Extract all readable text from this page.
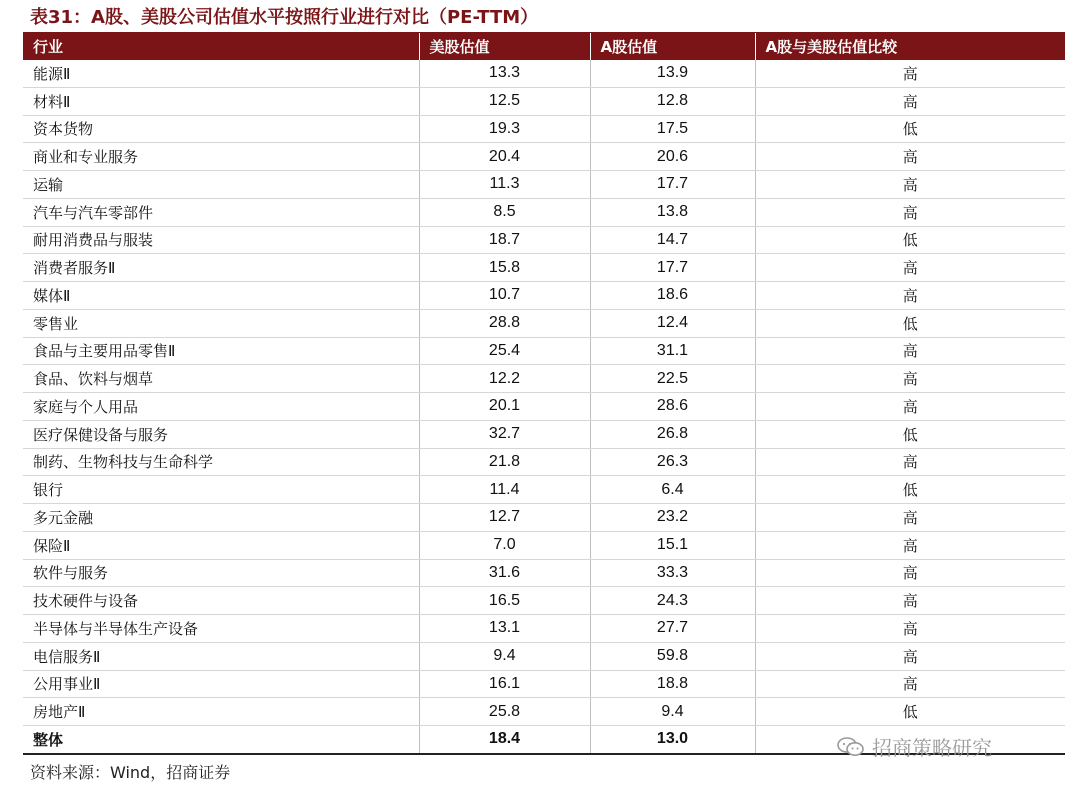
表31：A股、美股公司估值水平按照行业进行对比（PE-TTM）
行业	美股估值	A股估值	A股与美股估值比较
能源Ⅱ	13.3	13.9	高
材料Ⅱ	12.5	12.8	高
资本货物	19.3	17.5	低
商业和专业服务	20.4	20.6	高
运输	11.3	17.7	高
汽车与汽车零部件	8.5	13.8	高
耐用消费品与服装	18.7	14.7	低
消费者服务Ⅱ	15.8	17.7	高
媒体Ⅱ	10.7	18.6	高
零售业	28.8	12.4	低
食品与主要用品零售Ⅱ	25.4	31.1	高
食品、饮料与烟草	12.2	22.5	高
家庭与个人用品	20.1	28.6	高
医疗保健设备与服务	32.7	26.8	低
制药、生物科技与生命科学	21.8	26.3	高
银行	11.4	6.4	低
多元金融	12.7	23.2	高
保险Ⅱ	7.0	15.1	高
软件与服务	31.6	33.3	高
技术硬件与设备	16.5	24.3	高
半导体与半导体生产设备	13.1	27.7	高
电信服务Ⅱ	9.4	59.8	高
公用事业Ⅱ	16.1	18.8	高
房地产Ⅱ	25.8	9.4	低
整体	18.4	13.0	
资料来源：Wind，招商证券
招商策略研究
